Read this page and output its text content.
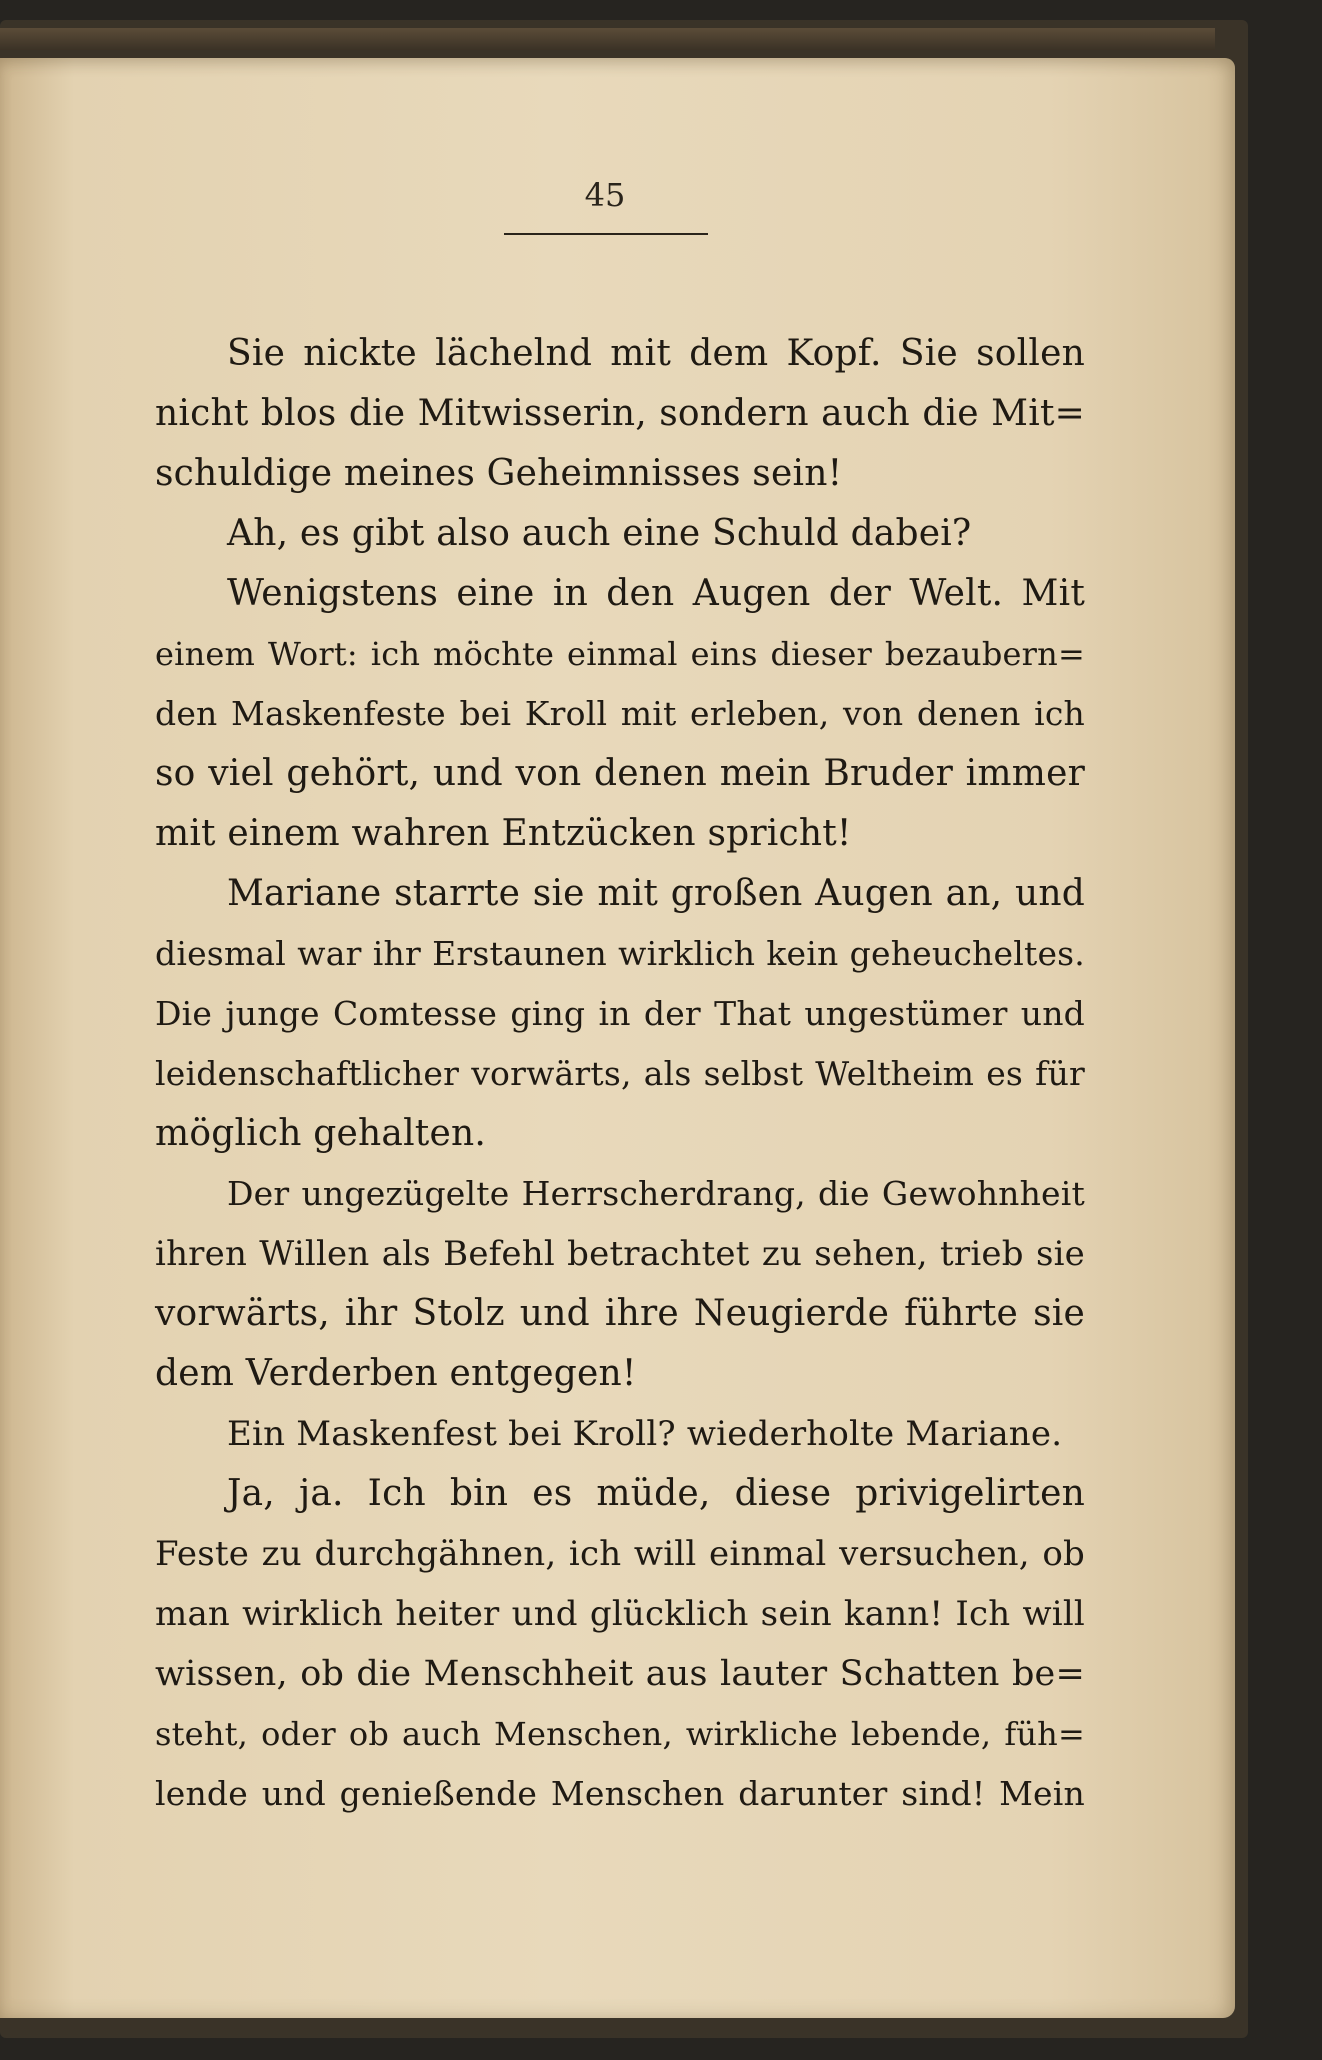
45
Sie nickte lächelnd mit dem Kopf. Sie sollen
nicht blos die Mitwisserin, sondern auch die Mit=
schuldige meines Geheimnisses sein!
Ah, es gibt also auch eine Schuld dabei?
Wenigstens eine in den Augen der Welt. Mit
einem Wort: ich möchte einmal eins dieser bezaubern=
den Maskenfeste bei Kroll mit erleben, von denen ich
so viel gehört, und von denen mein Bruder immer
mit einem wahren Entzücken spricht!
Mariane starrte sie mit großen Augen an, und
diesmal war ihr Erstaunen wirklich kein geheucheltes.
Die junge Comtesse ging in der That ungestümer und
leidenschaftlicher vorwärts, als selbst Weltheim es für
möglich gehalten.
Der ungezügelte Herrscherdrang, die Gewohnheit
ihren Willen als Befehl betrachtet zu sehen, trieb sie
vorwärts, ihr Stolz und ihre Neugierde führte sie
dem Verderben entgegen!
Ein Maskenfest bei Kroll? wiederholte Mariane.
Ja, ja. Ich bin es müde, diese privigelirten
Feste zu durchgähnen, ich will einmal versuchen, ob
man wirklich heiter und glücklich sein kann! Ich will
wissen, ob die Menschheit aus lauter Schatten be=
steht, oder ob auch Menschen, wirkliche lebende, füh=
lende und genießende Menschen darunter sind! Mein
